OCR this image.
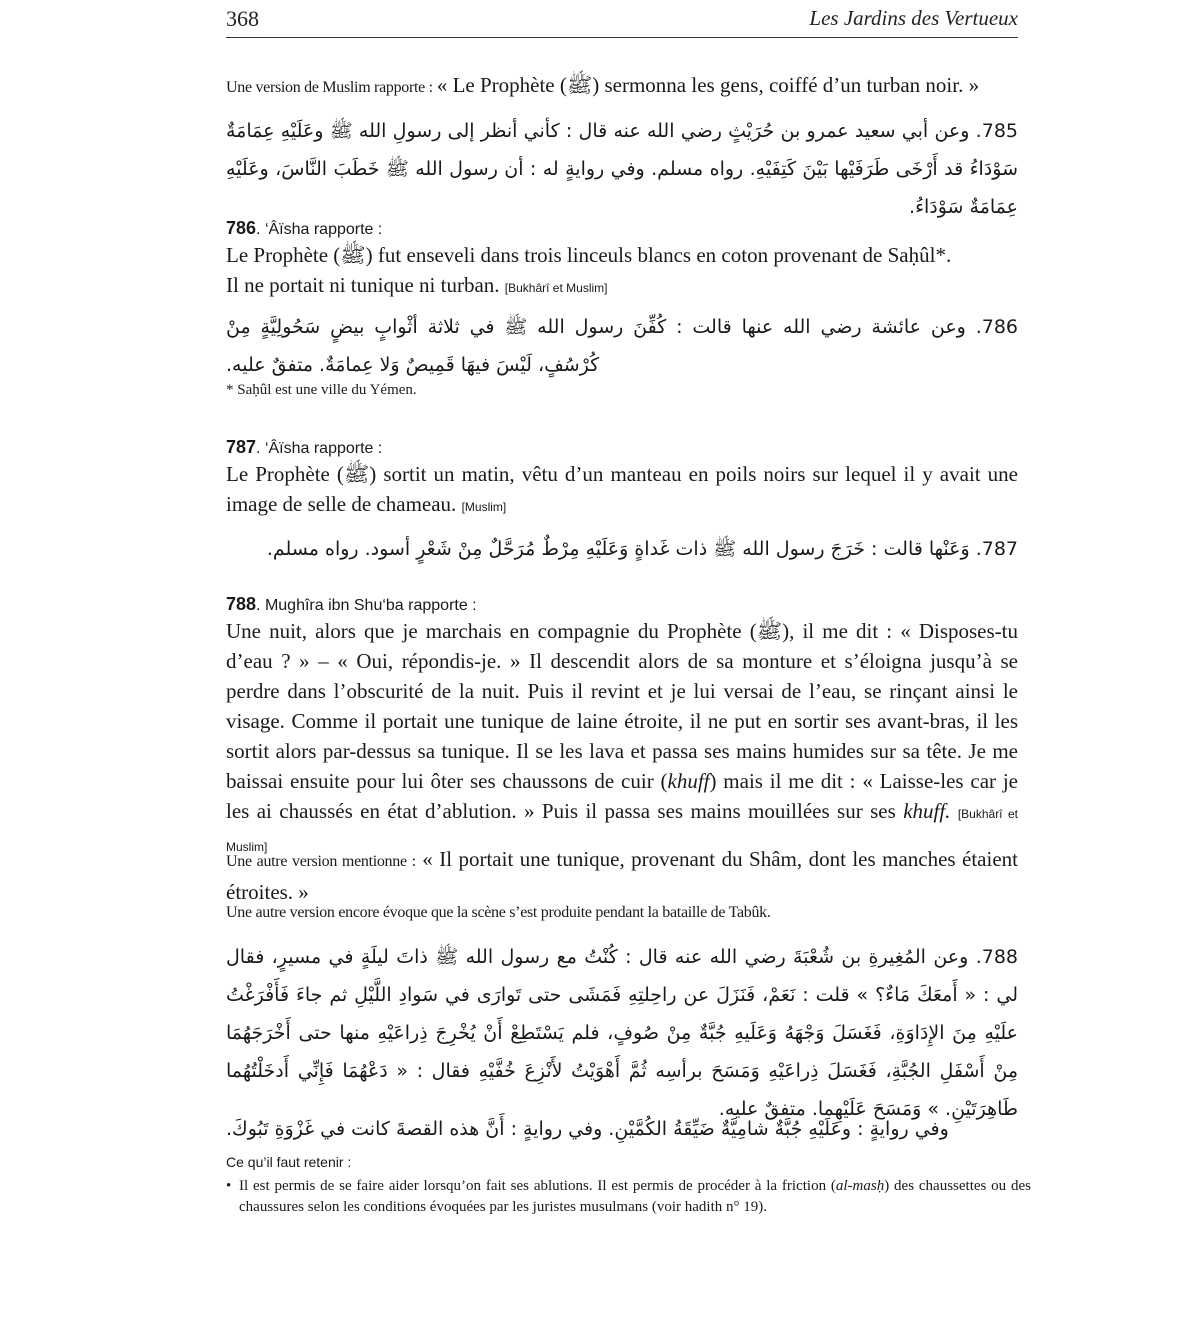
368	Les Jardins des Vertueux
Une version de Muslim rapporte : « Le Prophète (ﷺ) sermonna les gens, coiffé d’un turban noir. »
785. وعن أبي سعيد عمرو بن حُرَيْثٍ رضي الله عنه قال : كأني أنظر إلى رسولِ الله ﷺ وعَلَيْهِ عِمَامَةٌ سَوْدَاءُ قد أَرْخَى طَرَفَيْها بَيْنَ كَتِفَيْهِ. رواه مسلم. وفي روايةٍ له : أن رسول الله ﷺ خَطَبَ النَّاسَ، وعَلَيْهِ عِمَامَةٌ سَوْدَاءُ.
786. ‘Âïsha rapporte :
Le Prophète (ﷺ) fut enseveli dans trois linceuls blancs en coton provenant de Saḥûl*.
Il ne portait ni tunique ni turban. [Bukhârî et Muslim]
786. وعن عائشة رضي الله عنها قالت : كُفِّنَ رسول الله ﷺ في ثلاثة أثْوابٍ بيضٍ سَحُولِيَّةٍ مِنْ كُرْسُفٍ، لَيْسَ فيهَا قَمِيصٌ وَلا عِمامَةٌ. متفقٌ عليه.
* Saḥûl est une ville du Yémen.
787. ‘Âïsha rapporte :
Le Prophète (ﷺ) sortit un matin, vêtu d’un manteau en poils noirs sur lequel il y avait une image de selle de chameau. [Muslim]
787. وَعَنْها قالت : خَرَجَ رسول الله ﷺ ذات غَداةٍ وَعَلَيْهِ مِرْطٌ مُرَحَّلٌ مِنْ شَعْرٍ أسود. رواه مسلم.
788. Mughîra ibn Shu‘ba rapporte :
Une nuit, alors que je marchais en compagnie du Prophète (ﷺ), il me dit : « Disposes-tu d’eau ? » – « Oui, répondis-je. » Il descendit alors de sa monture et s’éloigna jusqu’à se perdre dans l’obscurité de la nuit. Puis il revint et je lui versai de l’eau, se rinçant ainsi le visage. Comme il portait une tunique de laine étroite, il ne put en sortir ses avant-bras, il les sortit alors par-dessus sa tunique. Il se les lava et passa ses mains humides sur sa tête. Je me baissai ensuite pour lui ôter ses chaussons de cuir (khuff) mais il me dit : « Laisse-les car je les ai chaussés en état d’ablution. » Puis il passa ses mains mouillées sur ses khuff. [Bukhârî et Muslim]
Une autre version mentionne : « Il portait une tunique, provenant du Shâm, dont les manches étaient étroites. »
Une autre version encore évoque que la scène s’est produite pendant la bataille de Tabûk.
788. وعن المُغِيرةِ بن شُعْبَةَ رضي الله عنه قال : كُنْتُ مع رسول الله ﷺ ذاتَ ليلَةٍ في مسيرٍ، فقال لي : « أَمعَكَ مَاءٌ؟ » قلت : نَعَمْ، فَنَزَلَ عن راحِلتِهِ فَمَشَى حتى تَوارَى في سَوادِ اللَّيْلِ ثم جاءَ فَأَفْرَغْتُ علَيْهِ مِنَ الإِدَاوَةِ، فَغَسَلَ وَجْهَهُ وَعَلَيهِ جُبَّةٌ مِنْ صُوفٍ، فلم يَسْتَطِعْ أَنْ يُخْرِجَ ذِراعَيْهِ منها حتى أَخْرَجَهُمَا مِنْ أَسْفَلِ الجُبَّةِ، فَغَسَلَ ذِراعَيْهِ وَمَسَحَ برأسِه ثُمَّ أَهْوَيْتُ لأَنْزِعَ خُفَّيْهِ فقال : « دَعْهُمَا فَإِنِّي أَدخَلْتُهُما طَاهِرَتَيْنِ. » وَمَسَحَ عَلَيْهِما. متفقٌ عليه.
وفي روايةٍ : وعَلَيْهِ جُبَّةٌ شامِيَّةٌ ضَيِّقَةُ الكُمَّيْنِ. وفي روايةٍ : أَنَّ هذه القصةَ كانت في غَزْوَةِ تَبُوكَ.
Ce qu’il faut retenir :
• Il est permis de se faire aider lorsqu’on fait ses ablutions. Il est permis de procéder à la friction (al-masḥ) des chaussettes ou des chaussures selon les conditions évoquées par les juristes musulmans (voir hadith n° 19).
